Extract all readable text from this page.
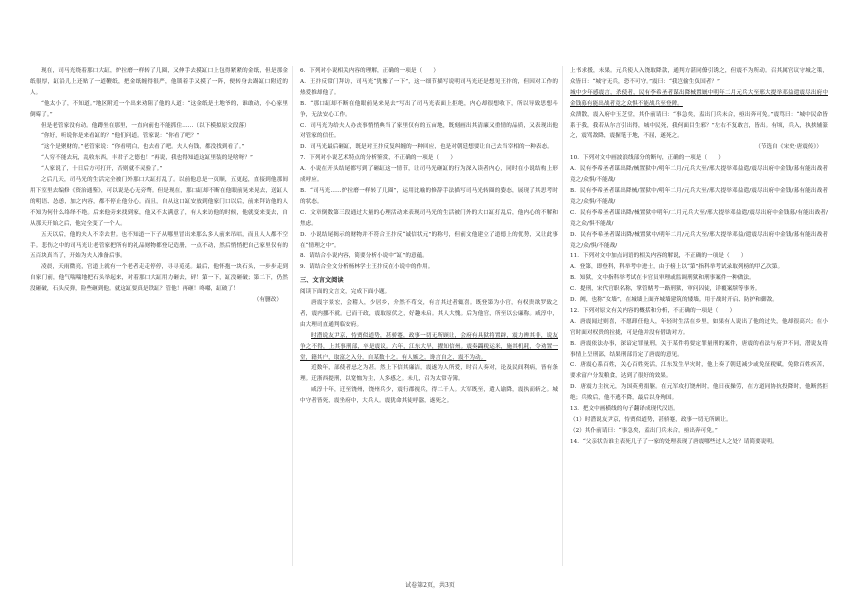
现在，司马光绕着那口大缸，炉拉磨一样转了几圈，又伸手去摸缸口上包得紧紧的金纸，但是那金纸很厚，缸沿儿上还贴了一道鞭纸，把金纸缠得很严，他锁着手又摸了一阵，便转身去踢缸口附近的人。

“他太小了，不知道。”地区附近一个出来劝阻了他的人道：“这金纸是土地爷的，谁敢动，小心家里倒霉了。”

但是老管家没有动。他蹲坐在那里，一直向前也不能抓住……（以下模拟原文段落）

“你好，听说你是来看缸的？”他们问道。管家说：“你看了吧？”

“这个是聚财的。”老管家说：“你看明白，也去看了吧。夫人有钱，都没找到看了。”

“人穷不能去玩，乱收东西，丰君子之德也！”再说，我也得知道这缸里装的是啥呀？”

“人家说了，十日后方可打开，否则就不灵验了。”

之后几天，司马光的生活完全被门外那口大缸打乱了。以前他总是一页顺，五更起，直接到他那间用下室里去编修《资治通鉴》，可以说是心无旁骛。但是现在，那口缸却不断在他眼前晃来晃去，送缸人的明语、怂恿，加之内容，都不停止他分心。而且，自从这口缸安放到他家门口以后，前来拜访他的人不知为何什么络绎不绝。后来他旁来找到家，他又不太满意了，有人来访他的时候，他就变来变去，自从那天开始之后，他完全变了一个人。

五天以后，他的夫人不幸去世。也不知道一下子从哪里冒出来那么多人前来吊唁，而且人人都不空手。悲伤之中的司马光让老管家把所有的礼品财物都登记造册，一点不动，然后悄悄把自己家里仅有的五百块真当了，开始为夫人准备后事。

凌晨，天雨微亮，官道上就有一个老者走走停停，寻寻觅觅。最后，他怀抱一块石头，一步步走到自家门前，他气喘喘地把石头举起来，对着那口大缸用力砸去，砰！第一下，缸没砸破；第二下，仍然没砸破，石头反弹，险些砸到他。就这缸要真是铁缸？管他！再砸！咚嘟，缸破了！

（有删改）

6．下列对小说相关内容的理解，正确的一项是（　　）

A．王抃反常门拜访，司马光“犹豫了一下”，这一细节描写说明司马光还是想见王抃的，但因对工作的热爱推却他了。

B．“那口缸却不断在他眼前晃来晃去”写出了司马光表面上拒绝，内心却很想收下，所以导致思想斗争，无法安心工作。

C．司马光为给夫人办丧事悄悄典当了家里仅有的五亩地，既刻画出其清廉又重情的品质，又表现出他对管家的信任。

D．司马光最后砸缸，既是对王抃反复纠缠的一种回应，也是对朝廷想要让自己去当宰相的一种表态。

7．下列对小说艺术特点的分析鉴赏，不正确的一项是（　　）

A．小说在开头结尾都写到了砸缸这一情节，让司马光砸缸的行为深入读者内心，同时在小说结构上形成呼应。

B．“司马光……炉拉磨一样转了几圈”，运用比喻的修辞手法描写司马光转圈的姿态，展现了其思考时的状态。

C．文章倒数第三段通过大量的心理活动来表现司马光的生活被门外的大口缸打乱后，他内心的不解和焦虑。

D．小说结尾揭示的财物并不符合王抃反“诚信状元”的称号，但前文他建立了道德上的优势，又让此事在“情理之中”。

8．请结合小说内容，简要分析小说中“缸”的意蕴。

9．请结合全文分析杨林学士王抃反在小说中的作用。

三、文言文阅读

阅读下面的文言文，完成下面小题。

唐震字景宏，会稽人，少居乡，介然不苟交，有言其过者辄喜。既登第为小官，有权贵欲罗致之者，震内挪不就。已而干政，震取原伏之，好趣未启。其人大愧。后为他官，所至以公廉称。咸淳中，由大理司直通判临安府。

时潜说友尹京，恃贾似道势，甚骄蹇，政事一切无所顾让，会府有具狱将置辟，震力辨其非，说友争之不得，上其事刑部，卒是震议。六年，江东大旱，擢知信州。震奏蠲税运米，施其机耗，令劝置一堂，籍其户，取富之入分，自某数十之。有人嫉之，谗言自之，震不为动。

近数年，部使者忌之为甚。然上下信其廉洁，震遂为人所爱，时召人奏对，论及民间利病，皆有条理。迁浙西提刑，以宽恤为主，人多感之。未几，召为太常寺簿。

咸淳十年，迁至饶州，饶州兵少，震行郡视兵，得二千人。大军既至，遣人谕降，震执而斩之。城中守者皆死，震坐府中，大兵人。震犹命其徒呼嚣，遂死之。

上书求援，未果。元兵使人入饶取降款，通判方湛同僚引诱之，但震不为所动。召其属官议守城之策，众皆曰：“城守无兵，恐不可守。”震曰：“我岂偷生负国者？”

城中少年感震言，杀使者，民有李希圣者谋出降械置厩中明年二月元兵大至邢大提举邓益遣震尽出府中金钱募有能出战者竟之众惧不能战兵至登陴。

众溃散，震入府中玉芝堂，其仆前请曰：“事急矣，盍出门兵未合，亟出奔可免。”震骂曰：“城中民命皆系于我，我若从尔言引出得，城中民死，我何面目生邪？”左右不复敢言，皆出。有顷，兵入，执挟辅篆之，震骂敌降，震握笔于地，不屈，遂死之。

（节选自《宋史·唐震传》）

10．下列对文中画波浪线部分的断句，正确的一项是（　　）

A．民有李希圣者谋出降/械置狱中/明年二月/元兵大至/邢大提举邓益遣/震尽出府中金钱/募有能出战者竟之/众惧/不能战/

B．民有李希圣者谋出降械/置狱中/明年二月/元兵大至/邢大提举邓益遣/震尽出府中金钱/募有能出战者竟之/众惧/不能战/

C．民有李希圣者谋出降/械置狱中明年/二月元兵大至/邢大提举邓益遣/震尽出府中金钱募/有能出战者/竟之众/惧不能战/

D．民有李希圣者谋出降/械置狱中/明年二月/元兵大至/邢大提举邓益/遣震尽出府中金钱/募有能出战者竟之/众/惧/不能战/

11．下列对文中加点词语的相关内容的解说，不正确的一项是（　　）

A．登第，即登科，科举考中进士，由于榜上以“第”指科举考试录取列榜的甲乙次第。

B．知狱，文中指科举考试在卡官员审理或监调刑狱和刑事案件一种做法。

C．提刑，宋代官职名称，掌管赌考一路刑狱，审问囚徒，详覆案牍等事务。

D．阙，也称“女墙”，在城墙上面齐城墙建筑的矮墙。用于战时开启、防护和御敌。

12．下列对原文有关内容的概括和分析，不正确的一项是（　　）

A．唐震闻过则喜，不愿卸任他人，年轻时生活在乡里，如果有人说出了他的过失，他却很高兴；在小官时面对权贵的拉拢，可是他并没有借助对方。

B．唐震依法办事，深谙定罪量刑，关于某件将要定罪量刑的案件，唐震的看法与府尹不同，潜说友将事情上呈刑部，结果刑部肯定了唐震的意见。

C．唐震心系百姓，关心百姓死活，江东发生旱灾时，他上奏了朝廷减少或免征税赋，免除百姓疾苦，要求富户分发粮食，达到了很好的效果。

D．唐震力主抗元，为国英勇捐躯。在元军攻打饶州时，他日夜操劳，在方道同协抗投降时，他断然拒绝；兵败后，他不逃不降，最后以身殉国。

13．把文中画横线的句子翻译成现代汉语。

（1）时潜说友尹京，恃贾似道势，甚骄蹇，政事一切无所顾让。

（2）其仆前请曰：“事急矣，盍出门兵未合，亟出奔可免。”

14．“父亲状告谁主表死几子了一家的处理表现了唐震哪些过人之处？请简要说明。

试卷第2页，共3页
